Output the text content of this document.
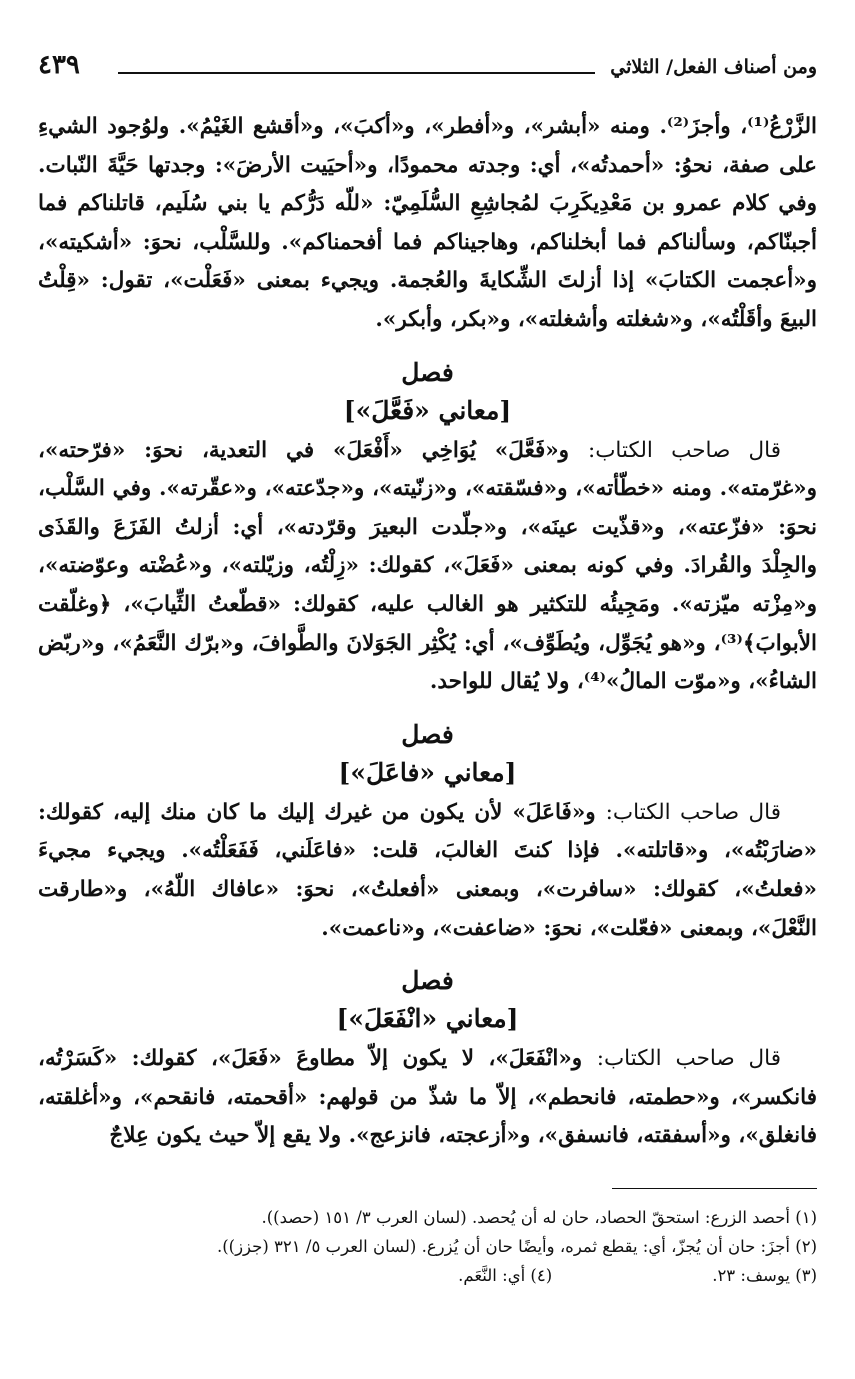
ومن أصناف الفعل/ الثلاثي
٤٣٩

الزَّرْعُ⁽¹⁾، وأجزَ⁽²⁾. ومنه «أبشر»، و«أفطر»، و«أكبَ»، و«أقشع الغَيْمُ». ولوُجود الشيءِ على صفة، نحوُ: «أحمدتُه»، أي: وجدته محمودًا، و«أحيَيت الأرضَ»: وجدتها حَيَّةَ النّبات. وفي كلام عمرو بن مَعْدِيكَرِبَ لمُجاشِعِ السُّلَمِيّ: «للّه دَرُّكم يا بني سُلَيم، قاتلناكم فما أجبنّاكم، وسألناكم فما أبخلناكم، وهاجيناكم فما أفحمناكم». وللسَّلْب، نحوَ: «أشكيته»، و«أعجمت الكتابَ» إذا أزلتَ الشِّكايةَ والعُجمة. ويجيء بمعنى «فَعَلْت»، تقول: «قِلْتُ البيعَ وأقَلْتُه»، و«شغلته وأشغلته»، و«بكر، وأبكر».

فصل

[معاني «فَعَّلَ»]

قال صاحب الكتاب: و«فَعَّلَ» يُوَاخِي «أَفْعَلَ» في التعدية، نحوَ: «فرّحته»، و«غرّمته». ومنه «خطّأته»، و«فسّقته»، و«زنّيته»، و«جدّعته»، و«عقّرته». وفي السَّلْب، نحوَ: «فزّعته»، و«قذّيت عينَه»، و«جلّدت البعيرَ وقرّدته»، أي: أزلتُ الفَزَعَ والقَذَى والجِلْدَ والقُرادَ. وفي كونه بمعنى «فَعَلَ»، كقولك: «زِلْتُه، وزيّلته»، و«عُضْته وعوّضته»، و«مِزْته ميّزته». ومَجِيئُه للتكثير هو الغالب عليه، كقولك: «قطّعتُ الثِّيابَ»، ﴿وغلّقت الأبوابَ﴾⁽³⁾، و«هو يُجَوِّل، ويُطَوِّف»، أي: يُكْثِر الجَوَلانَ والطَّوافَ، و«برّك النَّعَمُ»، و«ربّض الشاءُ»، و«موّت المالُ»⁽⁴⁾، ولا يُقال للواحد.

فصل

[معاني «فاعَلَ»]

قال صاحب الكتاب: و«فَاعَلَ» لأن يكون من غيرك إليك ما كان منك إليه، كقولك: «ضارَبْتُه»، و«قاتلته». فإذا كنتَ الغالبَ، قلت: «فاعَلَني، فَفَعَلْتُه». ويجيء مجيءَ «فعلتُ»، كقولك: «سافرت»، وبمعنى «أفعلتُ»، نحوَ: «عافاك اللّهُ»، و«طارقت النَّعْلَ»، وبمعنى «فعّلت»، نحوَ: «ضاعفت»، و«ناعمت».

فصل

[معاني «انْفَعَلَ»]

قال صاحب الكتاب: و«انْفَعَلَ»، لا يكون إلاّ مطاوعَ «فَعَلَ»، كقولك: «كَسَرْتُه، فانكسر»، و«حطمته، فانحطم»، إلاّ ما شذّ من قولهم: «أقحمته، فانقحم»، و«أغلقته، فانغلق»، و«أسفقته، فانسفق»، و«أزعجته، فانزعج». ولا يقع إلاّ حيث يكون عِلاجٌ

(١) أحصد الزرع: استحقّ الحصاد، حان له أن يُحصد. (لسان العرب ٣/ ١٥١ (حصد)).

(٢) أجزَ: حان أن يُجزّ، أي: يقطع ثمره، وأيضًا حان أن يُزرع. (لسان العرب ٥/ ٣٢١ (جزز)).

(٣) يوسف: ٢٣.

(٤) أي: النَّعَم.
